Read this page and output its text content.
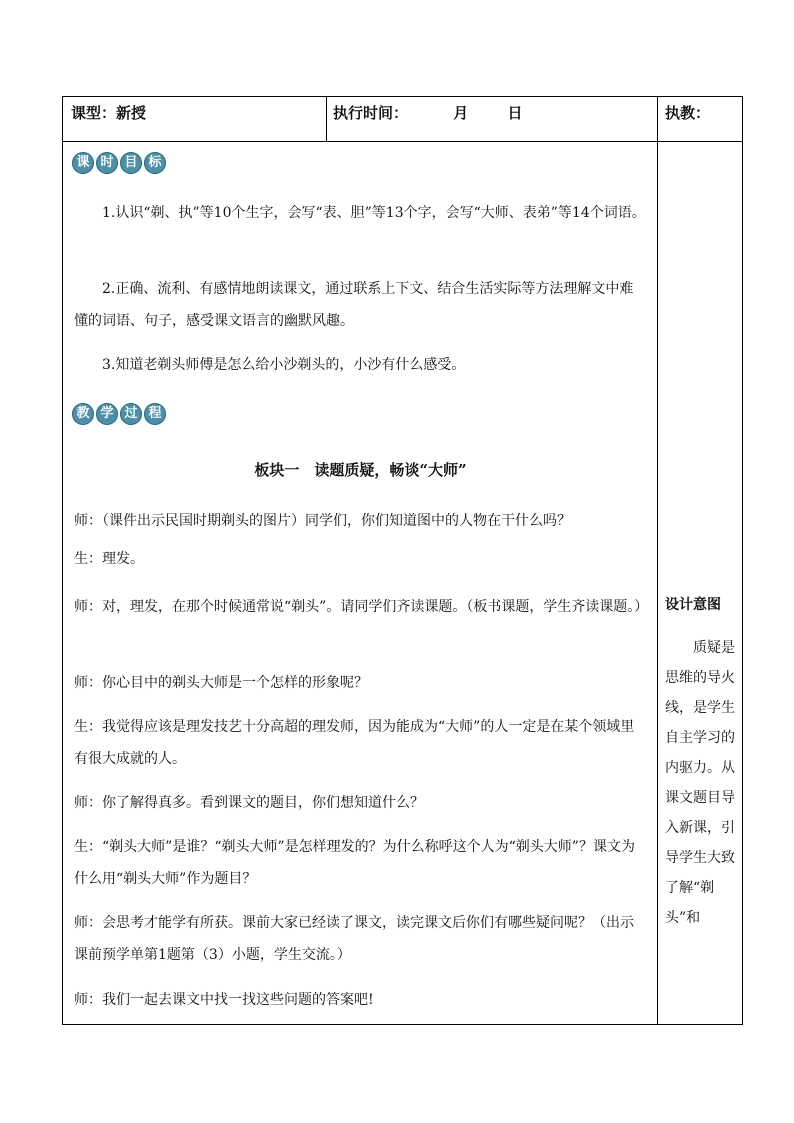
课型：新授	执行时间：	月	日	执教：
课 时 目 标
1.认识“剃、执”等10个生字，会写“表、胆”等13个字，会写“大师、表弟”等14个词语。
2.正确、流利、有感情地朗读课文，通过联系上下文、结合生活实际等方法理解文中难懂的词语、句子，感受课文语言的幽默风趣。
3.知道老剃头师傅是怎么给小沙剃头的，小沙有什么感受。
教 学 过 程
板块一　读题质疑，畅谈“大师”
师：（课件出示民国时期剃头的图片）同学们，你们知道图中的人物在干什么吗？
生：理发。
师：对，理发，在那个时候通常说“剃头”。请同学们齐读课题。（板书课题，学生齐读课题。）
师：你心目中的剃头大师是一个怎样的形象呢？
生：我觉得应该是理发技艺十分高超的理发师，因为能成为“大师”的人一定是在某个领域里有很大成就的人。
师：你了解得真多。看到课文的题目，你们想知道什么？
生：“剃头大师”是谁？“剃头大师”是怎样理发的？为什么称呼这个人为“剃头大师”？课文为什么用“剃头大师”作为题目？
师：会思考才能学有所获。课前大家已经读了课文，读完课文后你们有哪些疑问呢？（出示课前预学单第1题第（3）小题，学生交流。）
师：我们一起去课文中找一找这些问题的答案吧!
设计意图
　　质疑是思维的导火线，是学生自主学习的内驱力。从课文题目导入新课，引导学生大致了解“剃头”和
